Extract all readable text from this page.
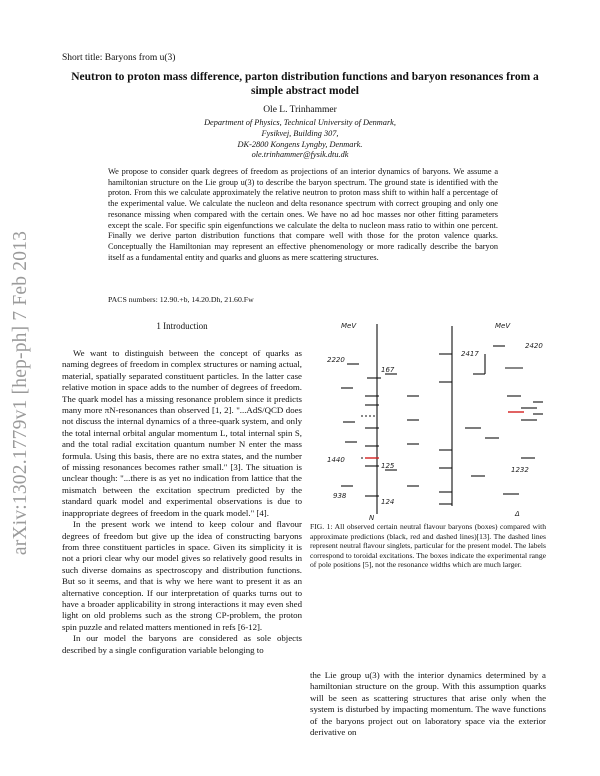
arXiv:1302.1779v1 [hep-ph] 7 Feb 2013
Short title: Baryons from u(3)
Neutron to proton mass difference, parton distribution functions and baryon resonances from a simple abstract model
Ole L. Trinhammer
Department of Physics, Technical University of Denmark,
Fysikvej, Building 307,
DK-2800 Kongens Lyngby, Denmark.
ole.trinhammer@fysik.dtu.dk
We propose to consider quark degrees of freedom as projections of an interior dynamics of baryons. We assume a hamiltonian structure on the Lie group u(3) to describe the baryon spectrum. The ground state is identified with the proton. From this we calculate approximately the relative neutron to proton mass shift to within half a percentage of the experimental value. We calculate the nucleon and delta resonance spectrum with correct grouping and only one resonance missing when compared with the certain ones. We have no ad hoc masses nor other fitting parameters except the scale. For specific spin eigenfunctions we calculate the delta to nucleon mass ratio to within one percent. Finally we derive parton distribution functions that compare well with those for the proton valence quarks. Conceptually the Hamiltonian may represent an effective phenomenology or more radically describe the baryon itself as a fundamental entity and quarks and gluons as mere scattering structures.
PACS numbers: 12.90.+b, 14.20.Dh, 21.60.Fw
1 Introduction

We want to distinguish between the concept of quarks as naming degrees of freedom in complex structures or naming actual, material, spatially separated constituent particles. In the latter case relative motion in space adds to the number of degrees of freedom. The quark model has a missing resonance problem since it predicts many more πN-resonances than observed [1, 2]. "...AdS/QCD does not discuss the internal dynamics of a three-quark system, and only the total internal orbital angular momentum L, total internal spin S, and the total radial excitation quantum number N enter the mass formula. Using this basis, there are no extra states, and the number of missing resonances becomes rather small." [3]. The situation is unclear though: "...there is as yet no indication from lattice that the mismatch between the excitation spectrum predicted by the standard quark model and experimental observations is due to inappropriate degrees of freedom in the quark model." [4].

In the present work we intend to keep colour and flavour degrees of freedom but give up the idea of constructing baryons from three constituent particles in space. Given its simplicity it is not a priori clear why our model gives so relatively good results in such diverse domains as spectroscopy and distribution functions. But so it seems, and that is why we here want to present it as an alternative conception. If our interpretation of quarks turns out to have a broader applicability in strong interactions it may even shed light on old problems such as the strong CP-problem, the proton spin puzzle and related matters mentioned in refs [6-12].

In our model the baryons are considered as sole objects described by a single configuration variable belonging to

MeV	MeV
2220
1440
938
167
125
124
2420
2417
1232
N	Δ
FIG. 1: All observed certain neutral flavour baryons (boxes) compared with approximate predictions (black, red and dashed lines)[13]. The dashed lines represent neutral flavour singlets, particular for the present model. The labels correspond to toroidal excitations. The boxes indicate the experimental range of pole positions [5], not the resonance widths which are much larger.
the Lie group u(3) with the interior dynamics determined by a hamiltonian structure on the group. With this assumption quarks will be seen as scattering structures that arise only when the system is disturbed by impacting momentum. The wave functions of the baryons project out on laboratory space via the exterior derivative on
